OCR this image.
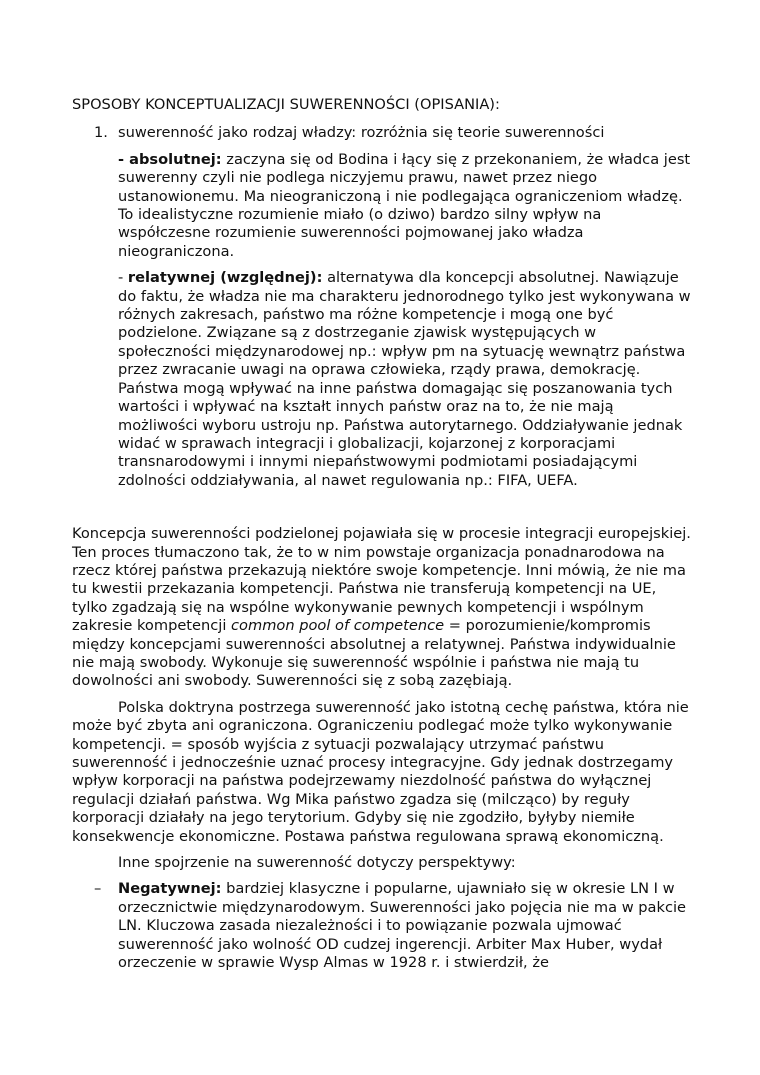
SPOSOBY KONCEPTUALIZACJI SUWERENNOŚCI (OPISANIA):

1. suwerenność jako rodzaj władzy: rozróżnia się teorie suwerenności

- absolutnej: zaczyna się od Bodina i łący się z przekonaniem, że władca jest suwerenny czyli nie podlega niczyjemu prawu, nawet przez niego ustanowionemu. Ma nieograniczoną i nie podlegająca ograniczeniom władzę. To idealistyczne rozumienie miało (o dziwo) bardzo silny wpływ na współczesne rozumienie suwerenności pojmowanej jako władza nieograniczona.

- relatywnej (względnej): alternatywa dla koncepcji absolutnej. Nawiązuje do faktu, że władza nie ma charakteru jednorodnego tylko jest wykonywana w różnych zakresach, państwo ma różne kompetencje i mogą one być podzielone. Związane są z dostrzeganie zjawisk występujących w społeczności międzynarodowej np.: wpływ pm na sytuację wewnątrz państwa przez zwracanie uwagi na oprawa człowieka, rządy prawa, demokrację. Państwa mogą wpływać na inne państwa domagając się poszanowania tych wartości i wpływać na kształt innych państw oraz na to, że nie mają możliwości wyboru ustroju np. Państwa autorytarnego. Oddziaływanie jednak widać w sprawach integracji i globalizacji, kojarzonej z korporacjami transnarodowymi i innymi niepaństwowymi podmiotami posiadającymi zdolności oddziaływania, al nawet regulowania np.: FIFA, UEFA.

Koncepcja suwerenności podzielonej pojawiała się w procesie integracji europejskiej. Ten proces tłumaczono tak, że to w nim powstaje organizacja ponadnarodowa na rzecz której państwa przekazują niektóre swoje kompetencje. Inni mówią, że nie ma tu kwestii przekazania kompetencji. Państwa nie transferują kompetencji na UE, tylko zgadzają się na wspólne wykonywanie pewnych kompetencji i wspólnym zakresie kompetencji common pool of competence = porozumienie/kompromis między koncepcjami suwerenności absolutnej a relatywnej. Państwa indywidualnie nie mają swobody. Wykonuje się suwerenność wspólnie i państwa nie mają tu dowolności ani swobody. Suwerenności się z sobą zazębiają.

Polska doktryna postrzega suwerenność jako istotną cechę państwa, która nie może być zbyta ani ograniczona. Ograniczeniu podlegać może tylko wykonywanie kompetencji. = sposób wyjścia z sytuacji pozwalający utrzymać państwu suwerenność i jednocześnie uznać procesy integracyjne. Gdy jednak dostrzegamy wpływ korporacji na państwa podejrzewamy niezdolność państwa do wyłącznej regulacji działań państwa. Wg Mika państwo zgadza się (milcząco) by reguły korporacji działały na jego terytorium. Gdyby się nie zgodziło, byłyby niemiłe konsekwencje ekonomiczne. Postawa państwa regulowana sprawą ekonomiczną.

Inne spojrzenie na suwerenność dotyczy perspektywy:

– Negatywnej: bardziej klasyczne i popularne, ujawniało się w okresie LN I w orzecznictwie międzynarodowym. Suwerenności jako pojęcia nie ma w pakcie LN. Kluczowa zasada niezależności i to powiązanie pozwala ujmować suwerenność jako wolność OD cudzej ingerencji. Arbiter Max Huber, wydał orzeczenie w sprawie Wysp Almas w 1928 r. i stwierdził, że
